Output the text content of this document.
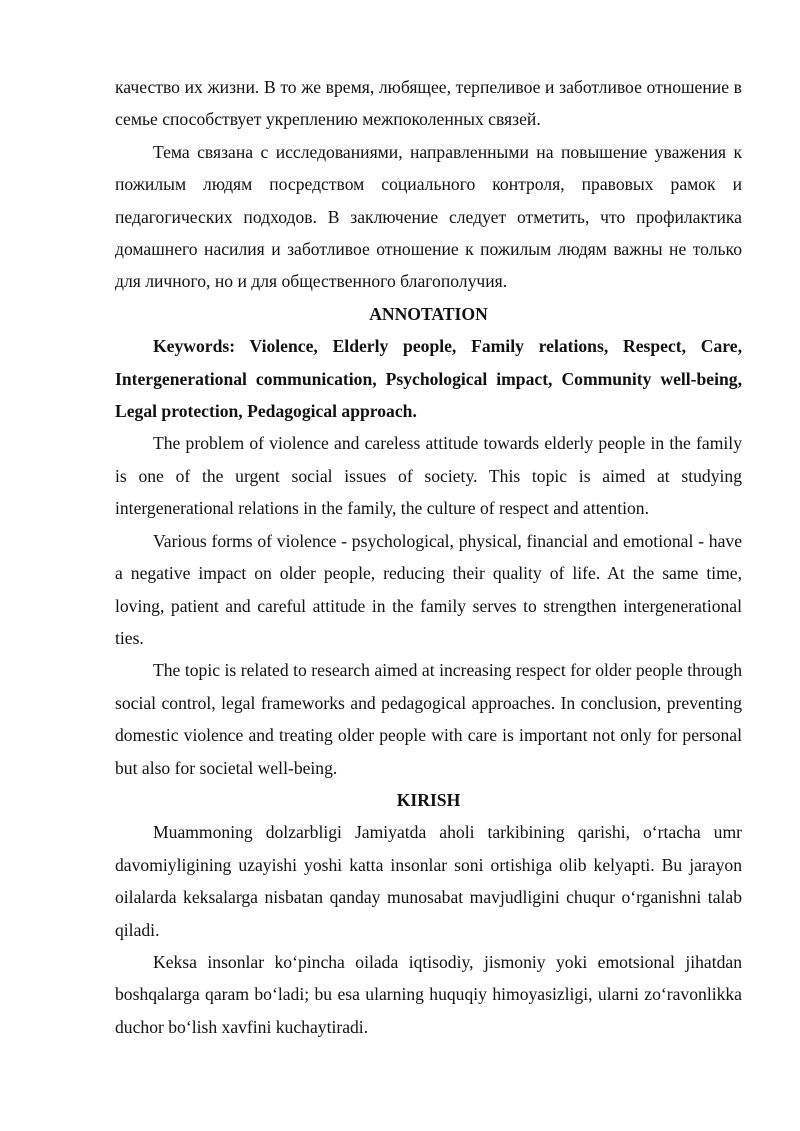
качество их жизни. В то же время, любящее, терпеливое и заботливое отношение в семье способствует укреплению межпоколенных связей.

Тема связана с исследованиями, направленными на повышение уважения к пожилым людям посредством социального контроля, правовых рамок и педагогических подходов. В заключение следует отметить, что профилактика домашнего насилия и заботливое отношение к пожилым людям важны не только для личного, но и для общественного благополучия.

ANNOTATION

Keywords: Violence, Elderly people, Family relations, Respect, Care, Intergenerational communication, Psychological impact, Community well-being, Legal protection, Pedagogical approach.

The problem of violence and careless attitude towards elderly people in the family is one of the urgent social issues of society. This topic is aimed at studying intergenerational relations in the family, the culture of respect and attention.

Various forms of violence - psychological, physical, financial and emotional - have a negative impact on older people, reducing their quality of life. At the same time, loving, patient and careful attitude in the family serves to strengthen intergenerational ties.

The topic is related to research aimed at increasing respect for older people through social control, legal frameworks and pedagogical approaches. In conclusion, preventing domestic violence and treating older people with care is important not only for personal but also for societal well-being.

KIRISH

Muammoning dolzarbligi Jamiyatda aholi tarkibining qarishi, o‘rtacha umr davomiyligining uzayishi yoshi katta insonlar soni ortishiga olib kelyapti. Bu jarayon oilalarda keksalarga nisbatan qanday munosabat mavjudligini chuqur o‘rganishni talab qiladi.

Keksa insonlar ko‘pincha oilada iqtisodiy, jismoniy yoki emotsional jihatdan boshqalarga qaram bo‘ladi; bu esa ularning huquqiy himoyasizligi, ularni zo‘ravonlikka duchor bo‘lish xavfini kuchaytiradi.
